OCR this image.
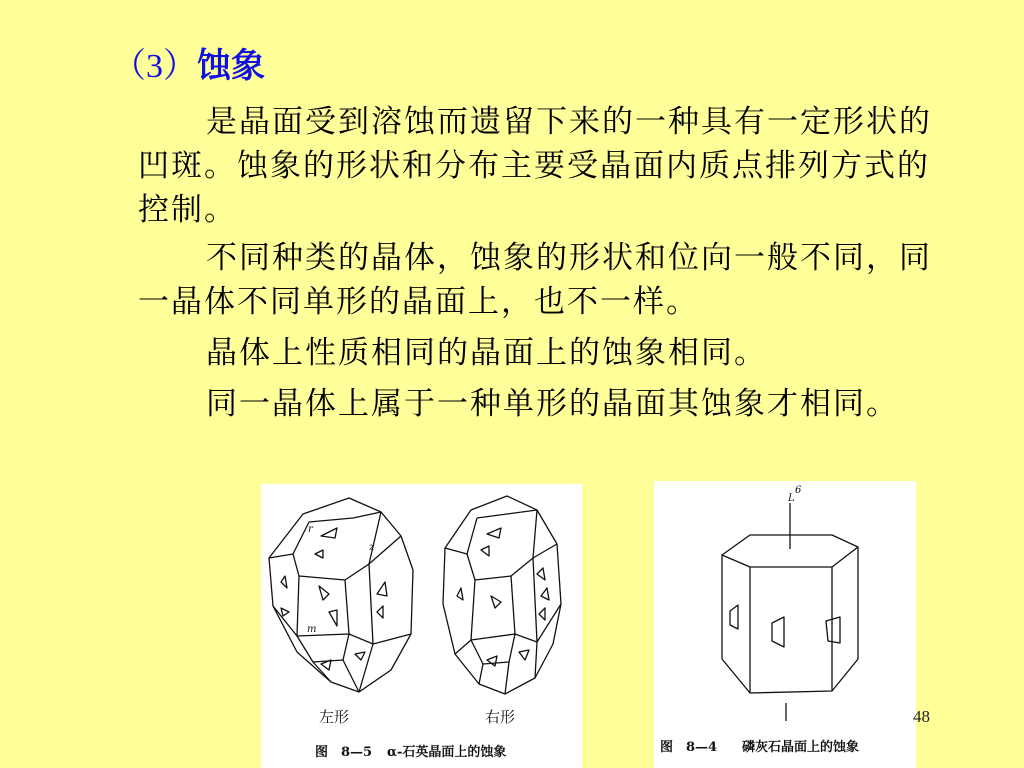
（3）蚀象

是晶面受到溶蚀而遗留下来的一种具有一定形状的凹斑。蚀象的形状和分布主要受晶面内质点排列方式的控制。

不同种类的晶体，蚀象的形状和位向一般不同，同一晶体不同单形的晶面上，也不一样。

晶体上性质相同的晶面上的蚀象相同。

同一晶体上属于一种单形的晶面其蚀象才相同。

r
z
m
左形	右形
图　8—5 α-石英晶面上的蚀象
L
6
图　8—4 磷灰石晶面上的蚀象
48
